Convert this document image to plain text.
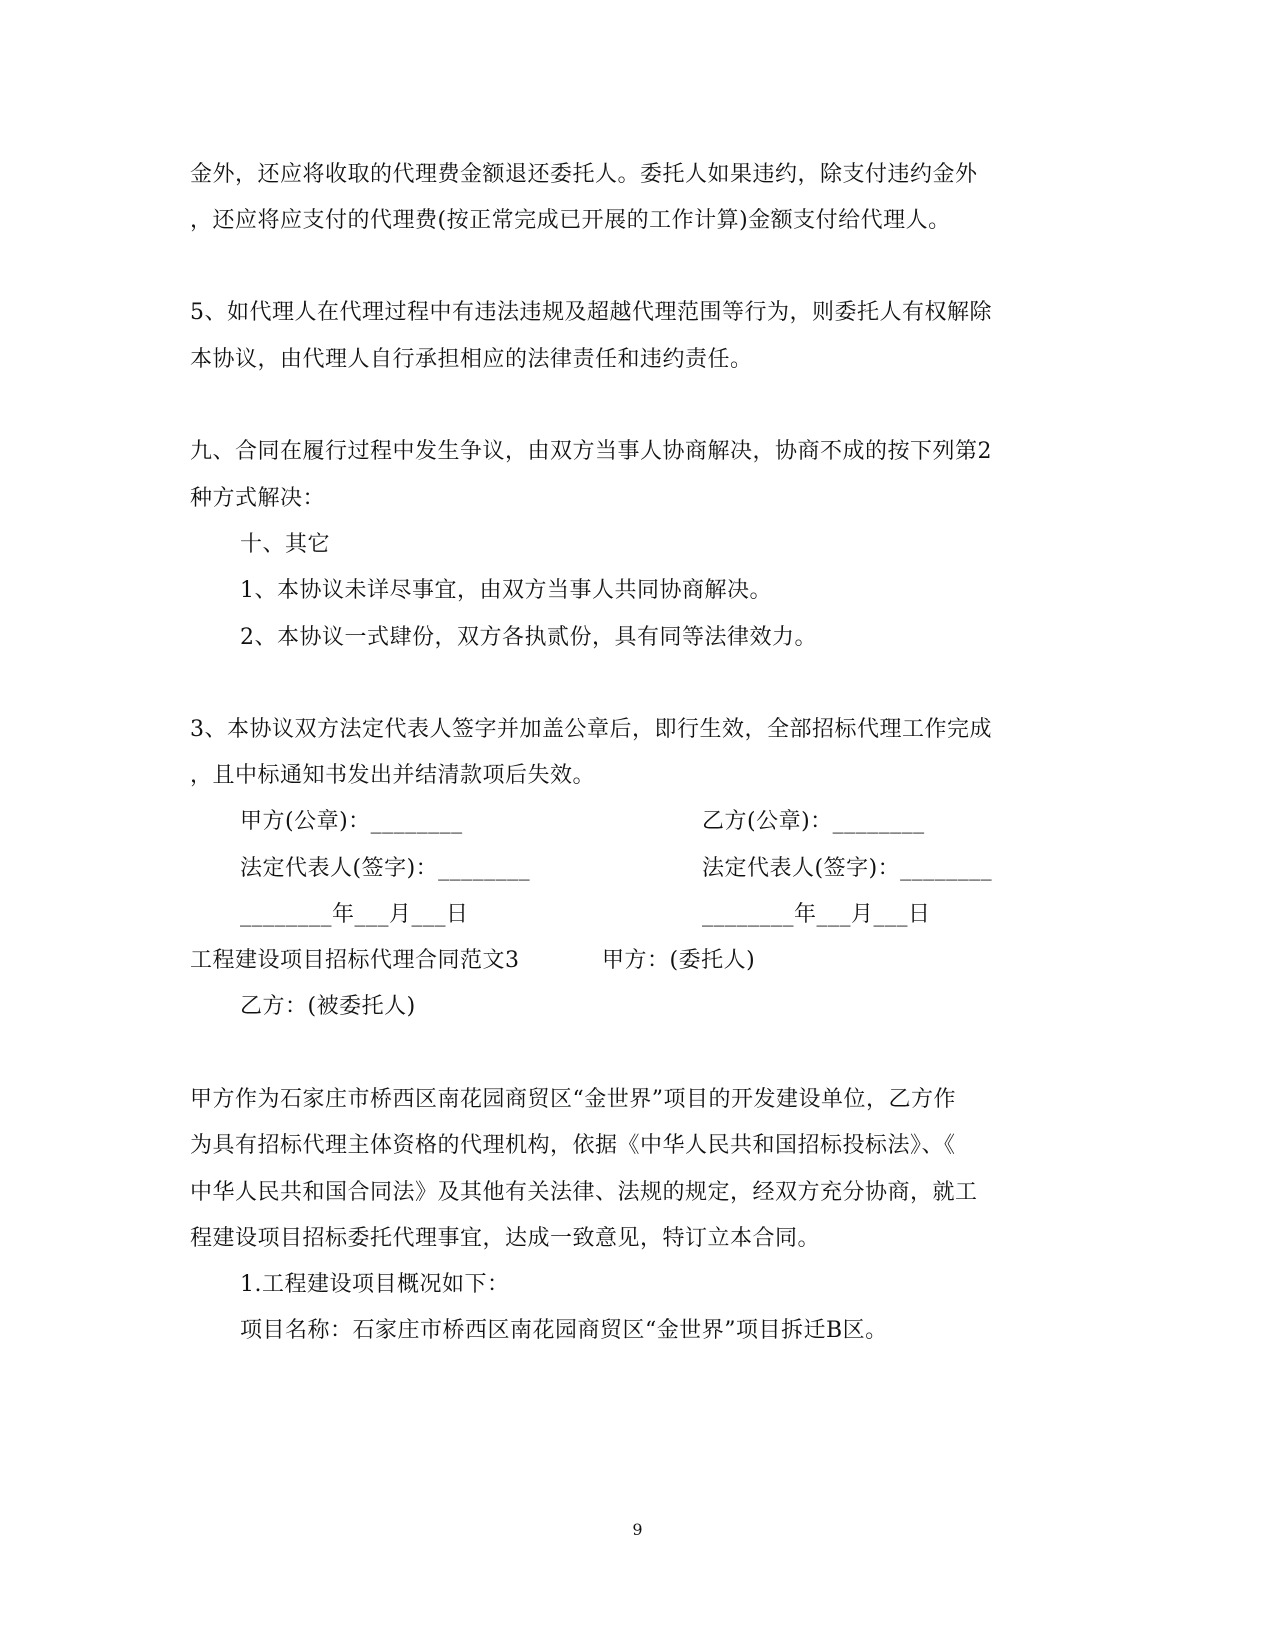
金外，还应将收取的代理费金额退还委托人。委托人如果违约，除支付违约金外
，还应将应支付的代理费(按正常完成已开展的工作计算)金额支付给代理人。
5、如代理人在代理过程中有违法违规及超越代理范围等行为，则委托人有权解除
本协议，由代理人自行承担相应的法律责任和违约责任。
九、合同在履行过程中发生争议，由双方当事人协商解决，协商不成的按下列第2
种方式解决：
十、其它
1、本协议未详尽事宜，由双方当事人共同协商解决。
2、本协议一式肆份，双方各执贰份，具有同等法律效力。
3、本协议双方法定代表人签字并加盖公章后，即行生效，全部招标代理工作完成
，且中标通知书发出并结清款项后失效。
甲方(公章)：________	乙方(公章)：________
法定代表人(签字)：________	法定代表人(签字)：________
________年___月___日	________年___月___日
工程建设项目招标代理合同范文3	甲方：(委托人)
乙方：(被委托人)
甲方作为石家庄市桥西区南花园商贸区“金世界”项目的开发建设单位，乙方作
为具有招标代理主体资格的代理机构，依据《中华人民共和国招标投标法》、《
中华人民共和国合同法》及其他有关法律、法规的规定，经双方充分协商，就工
程建设项目招标委托代理事宜，达成一致意见，特订立本合同。
1.工程建设项目概况如下：
项目名称：石家庄市桥西区南花园商贸区“金世界”项目拆迁B区。
9
